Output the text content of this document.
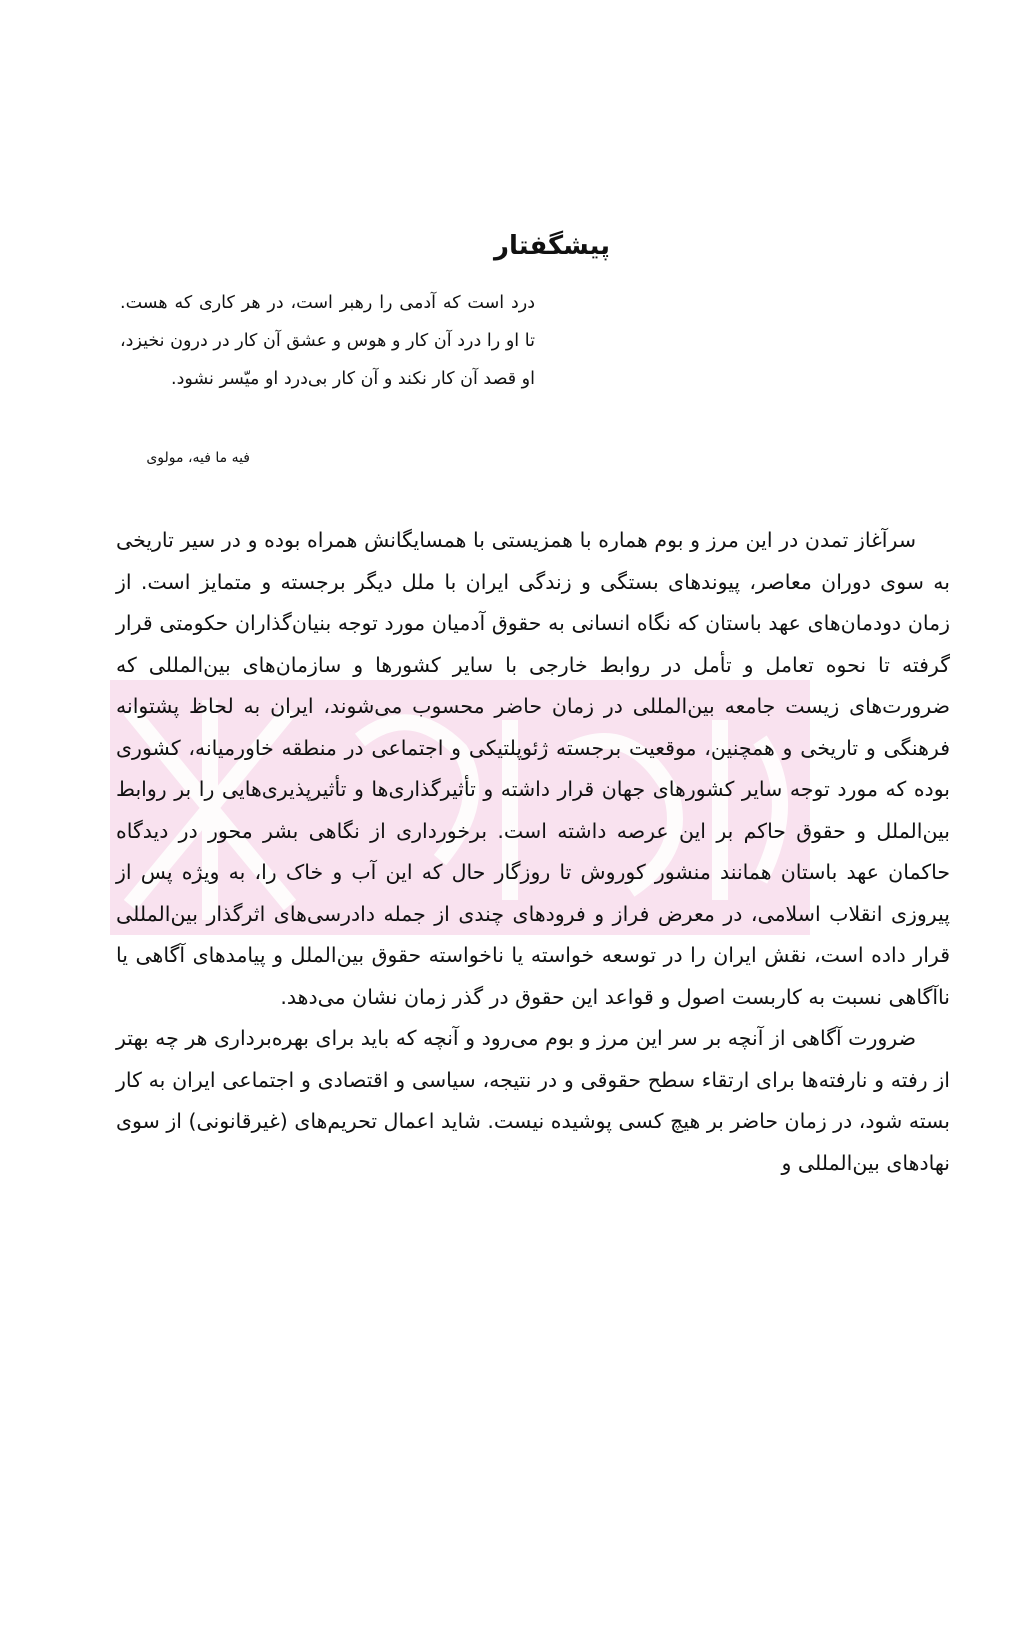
پیشگفتار
درد است که آدمی را رهبر است، در هر کاری که هست. تا او را درد آن کار و هوس و عشق آن کار در درون نخیزد، او قصد آن کار نکند و آن کار بی‌درد او میّسر نشود.
فیه ما فیه، مولوی

سرآغاز تمدن در این مرز و بوم هماره با همزیستی با همسایگانش همراه بوده و در سیر تاریخی به سوی دوران معاصر، پیوندهای بستگی و زندگی ایران با ملل دیگر برجسته و متمایز است. از زمان دودمان‌های عهد باستان که نگاه انسانی به حقوق آدمیان مورد توجه بنیان‌گذاران حکومتی قرار گرفته تا نحوه تعامل و تأمل در روابط خارجی با سایر کشورها و سازمان‌های بین‌المللی که ضرورت‌های زیست جامعه بین‌المللی در زمان حاضر محسوب می‌شوند، ایران به لحاظ پشتوانه فرهنگی و تاریخی و همچنین، موقعیت برجسته ژئوپلتیکی و اجتماعی در منطقه خاورمیانه، کشوری بوده که مورد توجه سایر کشورهای جهان قرار داشته و تأثیرگذاری‌ها و تأثیرپذیری‌هایی را بر روابط بین‌الملل و حقوق حاکم بر این عرصه داشته است. برخورداری از نگاهی بشر محور در دیدگاه حاکمان عهد باستان همانند منشور کوروش تا روزگار حال که این آب و خاک را، به ویژه پس از پیروزی انقلاب اسلامی، در معرض فراز و فرودهای چندی از جمله دادرسی‌های اثرگذار بین‌المللی قرار داده است، نقش ایران را در توسعه خواسته یا ناخواسته حقوق بین‌الملل و پیامدهای آگاهی یا ناآگاهی نسبت به کاربست اصول و قواعد این حقوق در گذر زمان نشان می‌دهد.

ضرورت آگاهی از آنچه بر سر این مرز و بوم می‌رود و آنچه که باید برای بهره‌برداری هر چه بهتر از رفته و نارفته‌ها برای ارتقاء سطح حقوقی و در نتیجه، سیاسی و اقتصادی و اجتماعی ایران به کار بسته شود، در زمان حاضر بر هیچ کسی پوشیده نیست. شاید اعمال تحریم‌های (غیرقانونی) از سوی نهادهای بین‌المللی و
